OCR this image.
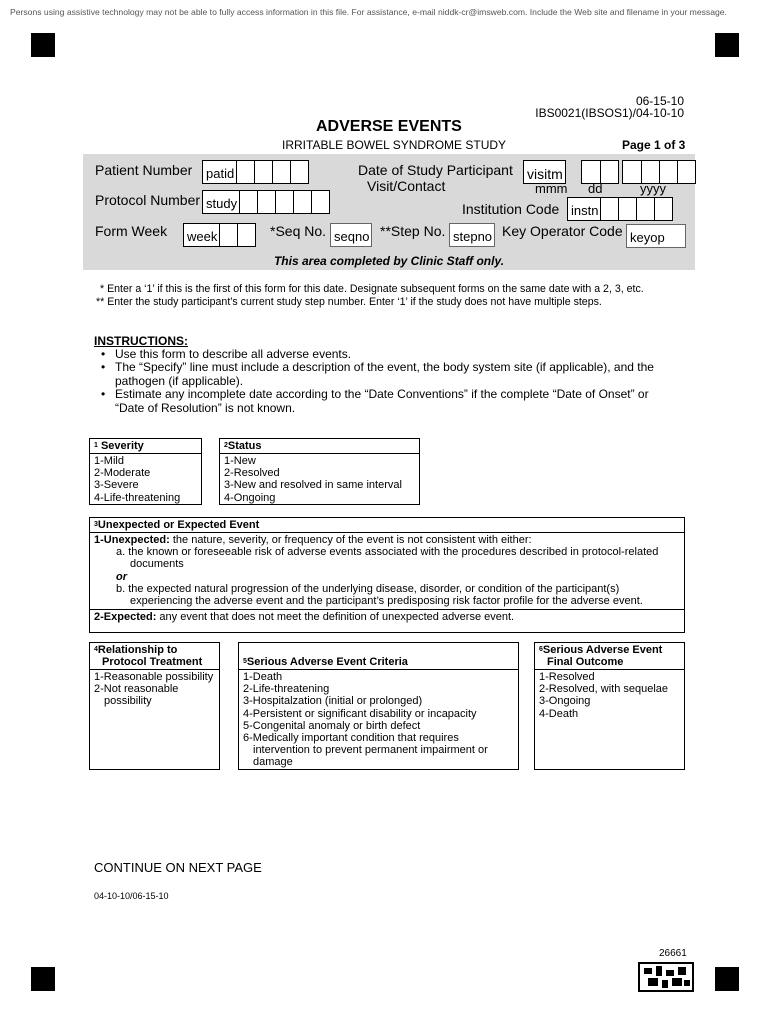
Persons using assistive technology may not be able to fully access information in this file. For assistance, e-mail niddk-cr@imsweb.com. Include the Web site and filename in your message.
06-15-10
IBS0021(IBSOS1)/04-10-10
ADVERSE EVENTS
IRRITABLE BOWEL SYNDROME STUDY	Page 1 of 3
Patient Number patid
Protocol Number study
Form Week week
Date of Study Participant
Visit/Contact
visitm
mmm dd	yyyy
Institution Code instn
*Seq No. seqno **Step No. stepno Key Operator Code keyop
This area completed by Clinic Staff only.
* Enter a ‘1’ if this is the first of this form for this date. Designate subsequent forms on the same date with a 2, 3, etc.
** Enter the study participant’s current study step number. Enter ‘1’ if the study does not have multiple steps.
INSTRUCTIONS:
• Use this form to describe all adverse events.
• The “Specify” line must include a description of the event, the body system site (if applicable), and the pathogen (if applicable).
• Estimate any incomplete date according to the “Date Conventions” if the complete “Date of Onset” or “Date of Resolution” is not known.
$^1$ Severity
1-Mild
2-Moderate
3-Severe
4-Life-threatening
$^2$Status
1-New
2-Resolved
3-New and resolved in same interval
4-Ongoing
$^3$Unexpected or Expected Event
1-Unexpected: the nature, severity, or frequency of the event is not consistent with either:
a. the known or foreseeable risk of adverse events associated with the procedures described in protocol-related documents
or
b. the expected natural progression of the underlying disease, disorder, or condition of the participant(s) experiencing the adverse event and the participant’s predisposing risk factor profile for the adverse event.
2-Expected: any event that does not meet the definition of unexpected adverse event.
$^4$Relationship to
Protocol Treatment
1-Reasonable possibility
2-Not reasonable
possibility
$^5$Serious Adverse Event Criteria
1-Death
2-Life-threatening
3-Hospitalzation (initial or prolonged)
4-Persistent or significant disability or incapacity
5-Congenital anomaly or birth defect
6-Medically important condition that requires
intervention to prevent permanent impairment or
damage
$^6$Serious Adverse Event
Final Outcome
1-Resolved
2-Resolved, with sequelae
3-Ongoing
4-Death
CONTINUE ON NEXT PAGE
04-10-10/06-15-10
26661
